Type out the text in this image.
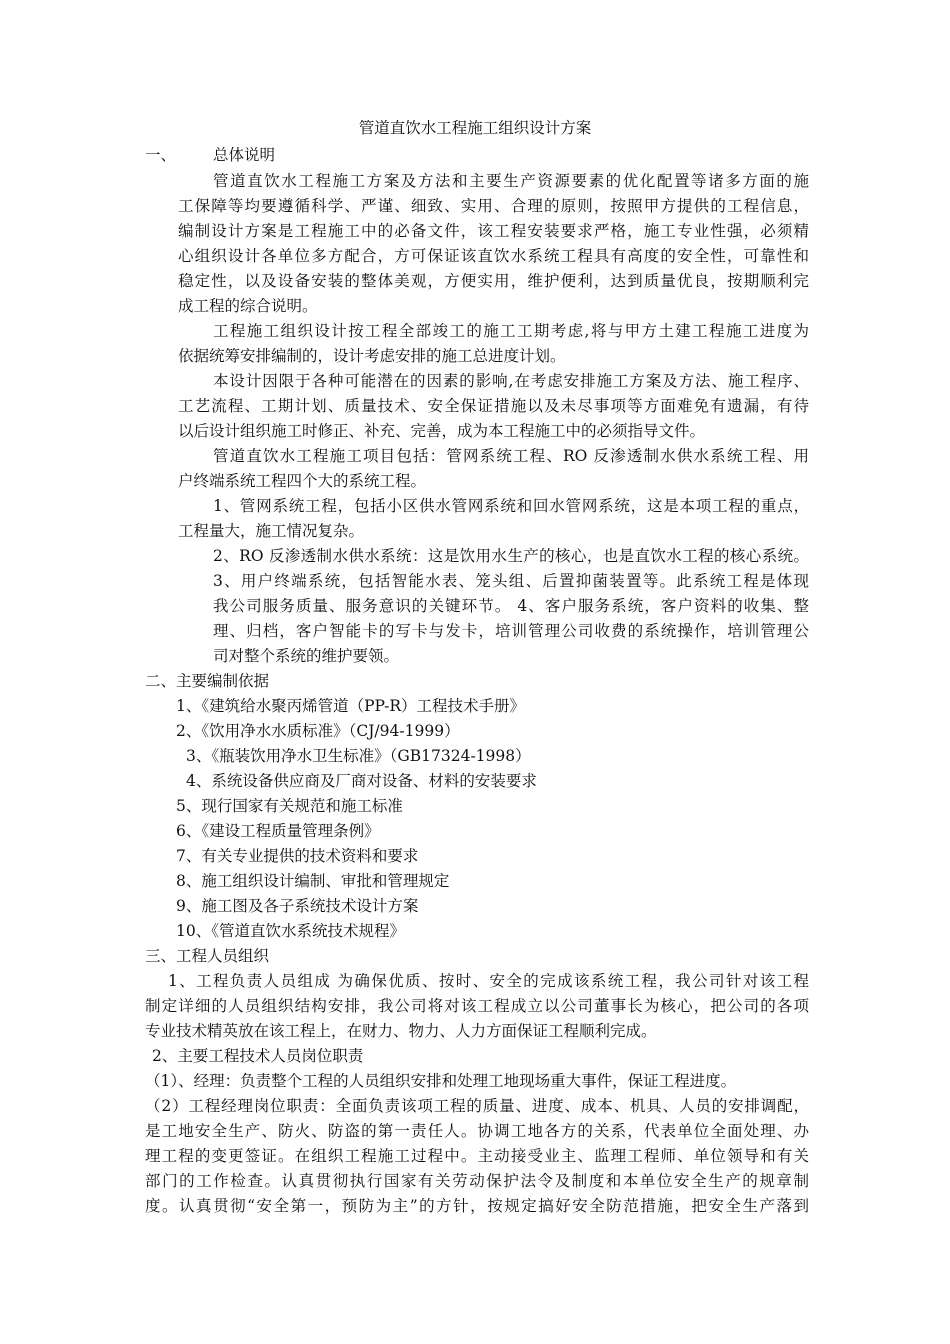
管道直饮水工程施工组织设计方案
一、 总体说明
管道直饮水工程施工方案及方法和主要生产资源要素的优化配置等诸多方面的施
工保障等均要遵循科学、严谨、细致、实用、合理的原则，按照甲方提供的工程信息，
编制设计方案是工程施工中的必备文件，该工程安装要求严格，施工专业性强，必须精
心组织设计各单位多方配合，方可保证该直饮水系统工程具有高度的安全性，可靠性和
稳定性，以及设备安装的整体美观，方便实用，维护便利，达到质量优良，按期顺利完
成工程的综合说明。
工程施工组织设计按工程全部竣工的施工工期考虑,将与甲方土建工程施工进度为
依据统筹安排编制的，设计考虑安排的施工总进度计划。
本设计因限于各种可能潜在的因素的影响,在考虑安排施工方案及方法、施工程序、
工艺流程、工期计划、质量技术、安全保证措施以及未尽事项等方面难免有遗漏，有待
以后设计组织施工时修正、补充、完善，成为本工程施工中的必须指导文件。
管道直饮水工程施工项目包括：管网系统工程、RO 反渗透制水供水系统工程、用
户终端系统工程四个大的系统工程。
1、管网系统工程，包括小区供水管网系统和回水管网系统，这是本项工程的重点，
工程量大，施工情况复杂。
2、RO 反渗透制水供水系统：这是饮用水生产的核心，也是直饮水工程的核心系统。
3、用户终端系统，包括智能水表、笼头组、后置抑菌装置等。此系统工程是体现
我公司服务质量、服务意识的关键环节。 4、客户服务系统，客户资料的收集、整
理、归档，客户智能卡的写卡与发卡，培训管理公司收费的系统操作，培训管理公
司对整个系统的维护要领。
二、主要编制依据
1、《建筑给水聚丙烯管道（PP-R）工程技术手册》
2、《饮用净水水质标准》（CJ/94-1999）
3、《瓶装饮用净水卫生标准》（GB17324-1998）
4、系统设备供应商及厂商对设备、材料的安装要求
5、现行国家有关规范和施工标准
6、《建设工程质量管理条例》
7、有关专业提供的技术资料和要求
8、施工组织设计编制、审批和管理规定
9、施工图及各子系统技术设计方案
10、《管道直饮水系统技术规程》
三、工程人员组织
1、工程负责人员组成 为确保优质、按时、安全的完成该系统工程，我公司针对该工程
制定详细的人员组织结构安排，我公司将对该工程成立以公司董事长为核心，把公司的各项
专业技术精英放在该工程上，在财力、物力、人力方面保证工程顺利完成。
2、主要工程技术人员岗位职责
（1）、经理：负责整个工程的人员组织安排和处理工地现场重大事件，保证工程进度。
（2）工程经理岗位职责：全面负责该项工程的质量、进度、成本、机具、人员的安排调配，
是工地安全生产、防火、防盗的第一责任人。协调工地各方的关系，代表单位全面处理、办
理工程的变更签证。在组织工程施工过程中。主动接受业主、监理工程师、单位领导和有关
部门的工作检查。认真贯彻执行国家有关劳动保护法令及制度和本单位安全生产的规章制
度。认真贯彻“安全第一，预防为主”的方针，按规定搞好安全防范措施，把安全生产落到
